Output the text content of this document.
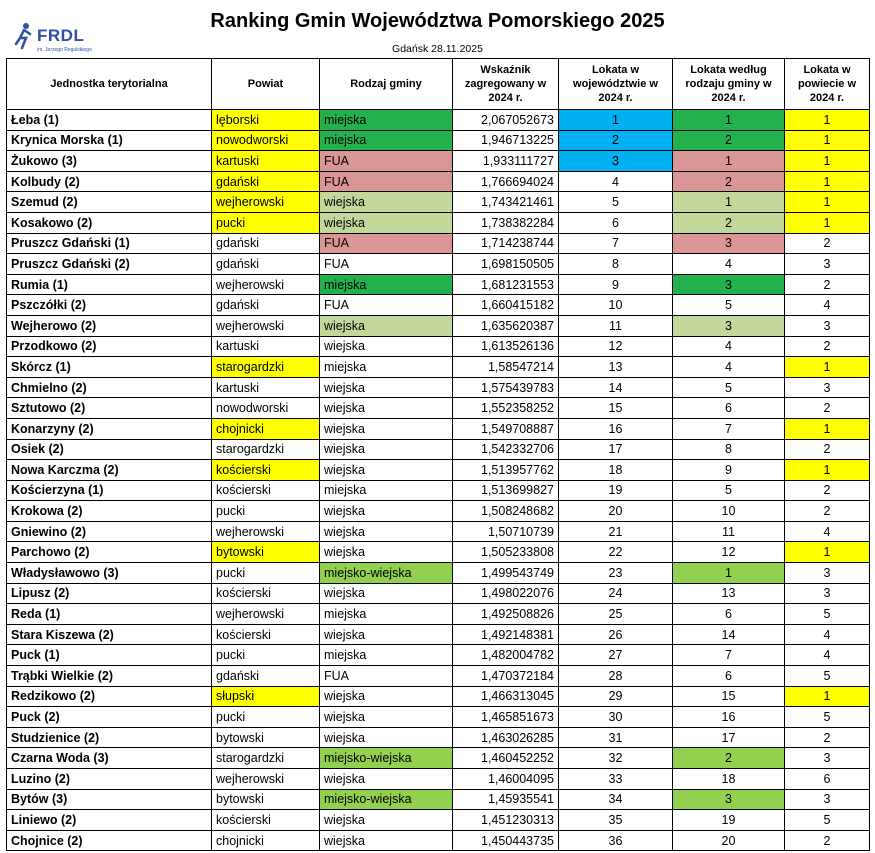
FRDL
im. Jerzego Regulskiego
Ranking Gmin Województwa Pomorskiego 2025
Gdańsk 28.11.2025
Jednostka terytorialna	Powiat	Rodzaj gminy	Wskaźnik zagregowany w 2024 r.	Lokata w województwie w 2024 r.	Lokata według rodzaju gminy w 2024 r.	Lokata w powiecie w 2024 r.
Łeba (1)	lęborski	miejska	2,067052673	1	1	1
Krynica Morska (1)	nowodworski	miejska	1,946713225	2	2	1
Żukowo (3)	kartuski	FUA	1,933111727	3	1	1
Kolbudy (2)	gdański	FUA	1,766694024	4	2	1
Szemud (2)	wejherowski	wiejska	1,743421461	5	1	1
Kosakowo (2)	pucki	wiejska	1,738382284	6	2	1
Pruszcz Gdański (1)	gdański	FUA	1,714238744	7	3	2
Pruszcz Gdański (2)	gdański	FUA	1,698150505	8	4	3
Rumia (1)	wejherowski	miejska	1,681231553	9	3	2
Pszczółki (2)	gdański	FUA	1,660415182	10	5	4
Wejherowo (2)	wejherowski	wiejska	1,635620387	11	3	3
Przodkowo (2)	kartuski	wiejska	1,613526136	12	4	2
Skórcz (1)	starogardzki	miejska	1,58547214	13	4	1
Chmielno (2)	kartuski	wiejska	1,575439783	14	5	3
Sztutowo (2)	nowodworski	wiejska	1,552358252	15	6	2
Konarzyny (2)	chojnicki	wiejska	1,549708887	16	7	1
Osiek (2)	starogardzki	wiejska	1,542332706	17	8	2
Nowa Karczma (2)	kościerski	wiejska	1,513957762	18	9	1
Kościerzyna (1)	kościerski	miejska	1,513699827	19	5	2
Krokowa (2)	pucki	wiejska	1,508248682	20	10	2
Gniewino (2)	wejherowski	wiejska	1,50710739	21	11	4
Parchowo (2)	bytowski	wiejska	1,505233808	22	12	1
Władysławowo (3)	pucki	miejsko-wiejska	1,499543749	23	1	3
Lipusz (2)	kościerski	wiejska	1,498022076	24	13	3
Reda (1)	wejherowski	miejska	1,492508826	25	6	5
Stara Kiszewa (2)	kościerski	wiejska	1,492148381	26	14	4
Puck (1)	pucki	miejska	1,482004782	27	7	4
Trąbki Wielkie (2)	gdański	FUA	1,470372184	28	6	5
Redzikowo (2)	słupski	wiejska	1,466313045	29	15	1
Puck (2)	pucki	wiejska	1,465851673	30	16	5
Studzienice (2)	bytowski	wiejska	1,463026285	31	17	2
Czarna Woda (3)	starogardzki	miejsko-wiejska	1,460452252	32	2	3
Luzino (2)	wejherowski	wiejska	1,46004095	33	18	6
Bytów (3)	bytowski	miejsko-wiejska	1,45935541	34	3	3
Liniewo (2)	kościerski	wiejska	1,451230313	35	19	5
Chojnice (2)	chojnicki	wiejska	1,450443735	36	20	2
